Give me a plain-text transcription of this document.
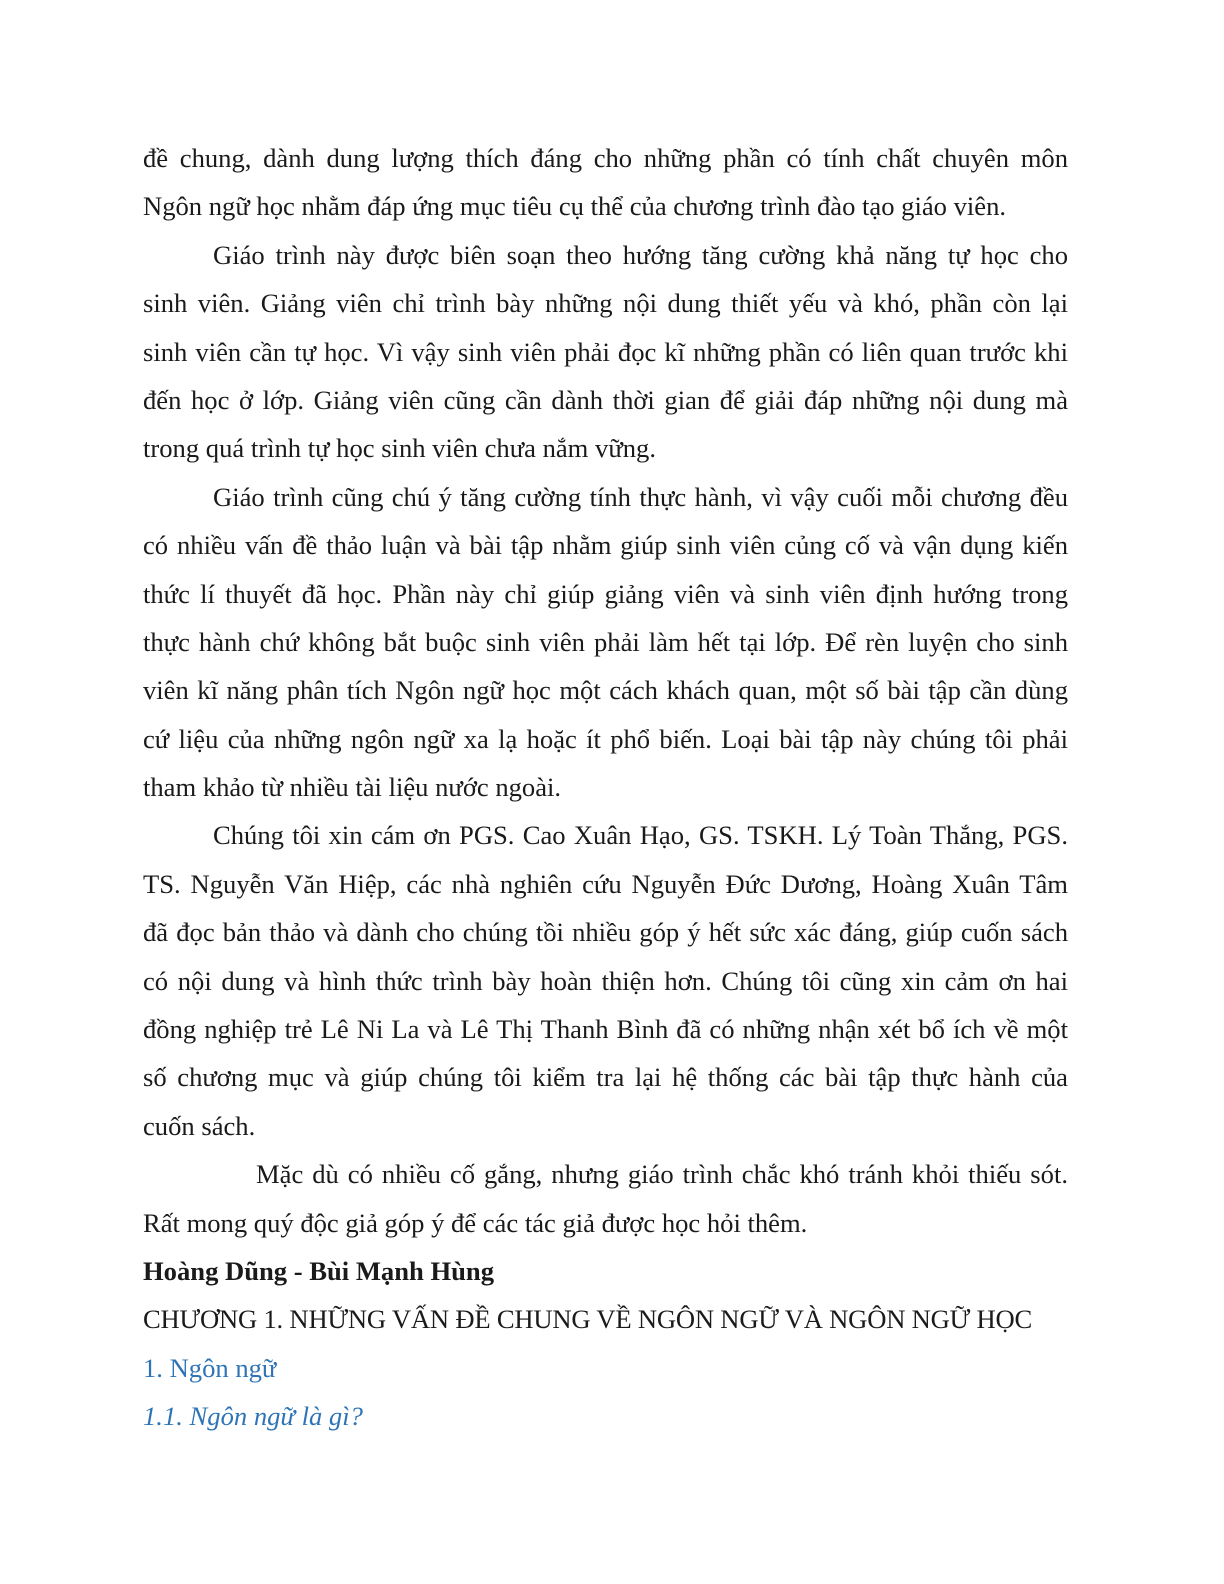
đề chung, dành dung lượng thích đáng cho những phần có tính chất chuyên môn
Ngôn ngữ học nhằm đáp ứng mục tiêu cụ thể của chương trình đào tạo giáo viên.
Giáo trình này được biên soạn theo hướng tăng cường khả năng tự học cho
sinh viên. Giảng viên chỉ trình bày những nội dung thiết yếu và khó, phần còn lại
sinh viên cần tự học. Vì vậy sinh viên phải đọc kĩ những phần có liên quan trước khi
đến học ở lớp. Giảng viên cũng cần dành thời gian để giải đáp những nội dung mà
trong quá trình tự học sinh viên chưa nắm vững.
Giáo trình cũng chú ý tăng cường tính thực hành, vì vậy cuối mỗi chương đều
có nhiều vấn đề thảo luận và bài tập nhằm giúp sinh viên củng cố và vận dụng kiến
thức lí thuyết đã học. Phần này chỉ giúp giảng viên và sinh viên định hướng trong
thực hành chứ không bắt buộc sinh viên phải làm hết tại lớp. Để rèn luyện cho sinh
viên kĩ năng phân tích Ngôn ngữ học một cách khách quan, một số bài tập cần dùng
cứ liệu của những ngôn ngữ xa lạ hoặc ít phổ biến. Loại bài tập này chúng tôi phải
tham khảo từ nhiều tài liệu nước ngoài.
Chúng tôi xin cám ơn PGS. Cao Xuân Hạo, GS. TSKH. Lý Toàn Thắng, PGS.
TS. Nguyễn Văn Hiệp, các nhà nghiên cứu Nguyễn Đức Dương, Hoàng Xuân Tâm
đã đọc bản thảo và dành cho chúng tồi nhiều góp ý hết sức xác đáng, giúp cuốn sách
có nội dung và hình thức trình bày hoàn thiện hơn. Chúng tôi cũng xin cảm ơn hai
đồng nghiệp trẻ Lê Ni La và Lê Thị Thanh Bình đã có những nhận xét bổ ích về một
số chương mục và giúp chúng tôi kiểm tra lại hệ thống các bài tập thực hành của
cuốn sách.
Mặc dù có nhiều cố gắng, nhưng giáo trình chắc khó tránh khỏi thiếu sót.
Rất mong quý độc giả góp ý để các tác giả được học hỏi thêm.
Hoàng Dũng - Bùi Mạnh Hùng
CHƯƠNG 1. NHỮNG VẤN ĐỀ CHUNG VỀ NGÔN NGỮ VÀ NGÔN NGỮ HỌC
1. Ngôn ngữ
1.1. Ngôn ngữ là gì?
